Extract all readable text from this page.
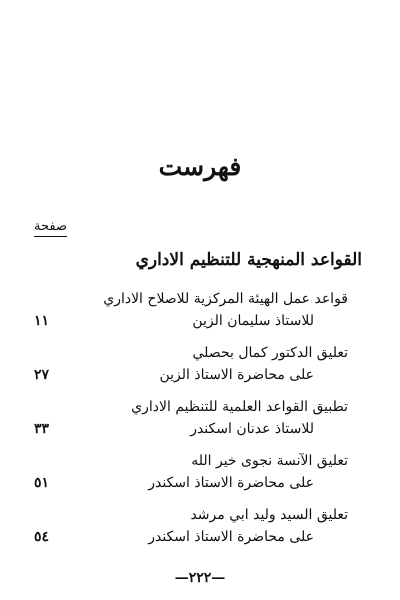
فهرست
صفحة
القواعد المنهجية للتنظيم الاداري
قواعد عمل الهيئة المركزية للاصلاح الاداري
للاستاذ سليمان الزين
١١
تعليق الدكتور كمال بحصلي
على محاضرة الاستاذ الزين
٢٧
تطبيق القواعد العلمية للتنظيم الاداري
للاستاذ عدنان اسكندر
٣٣
تعليق الآنسة نجوى خير الله
على محاضرة الاستاذ اسكندر
٥١
تعليق السيد وليد ابي مرشد
على محاضرة الاستاذ اسكندر
٥٤
—٢٢٢—
